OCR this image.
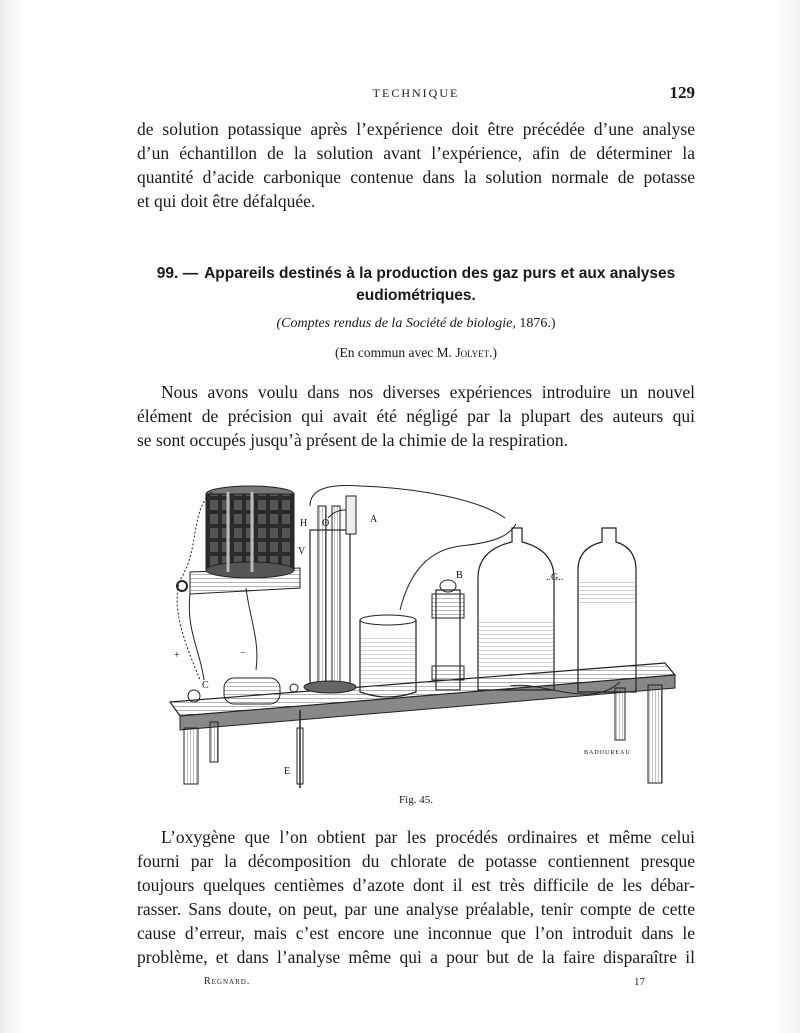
TECHNIQUE	129

de solution potassique après l’expérience doit être précédée d’une analyse
d’un échantillon de la solution avant l’expérience, afin de déterminer la
quantité d’acide carbonique contenue dans la solution normale de potasse
et qui doit être défalquée.

99. — Appareils destinés à la production des gaz purs et aux analyses
eudiométriques.
(Comptes rendus de la Société de biologie, 1876.)
(En commun avec M. Jolyet.)

Nous avons voulu dans nos diverses expériences introduire un nouvel
élément de précision qui avait été négligé par la plupart des auteurs qui
se sont occupés jusqu’à présent de la chimie de la respiration.

H O	A
V
B	..G..
C
E
+	−
BADOUREAU
Fig. 45.

L’oxygène que l’on obtient par les procédés ordinaires et même celui
fourni par la décomposition du chlorate de potasse contiennent presque
toujours quelques centièmes d’azote dont il est très difficile de les débar-
rasser. Sans doute, on peut, par une analyse préalable, tenir compte de cette
cause d’erreur, mais c’est encore une inconnue que l’on introduit dans le
problème, et dans l’analyse même qui a pour but de la faire disparaître il

Regnard.	17
